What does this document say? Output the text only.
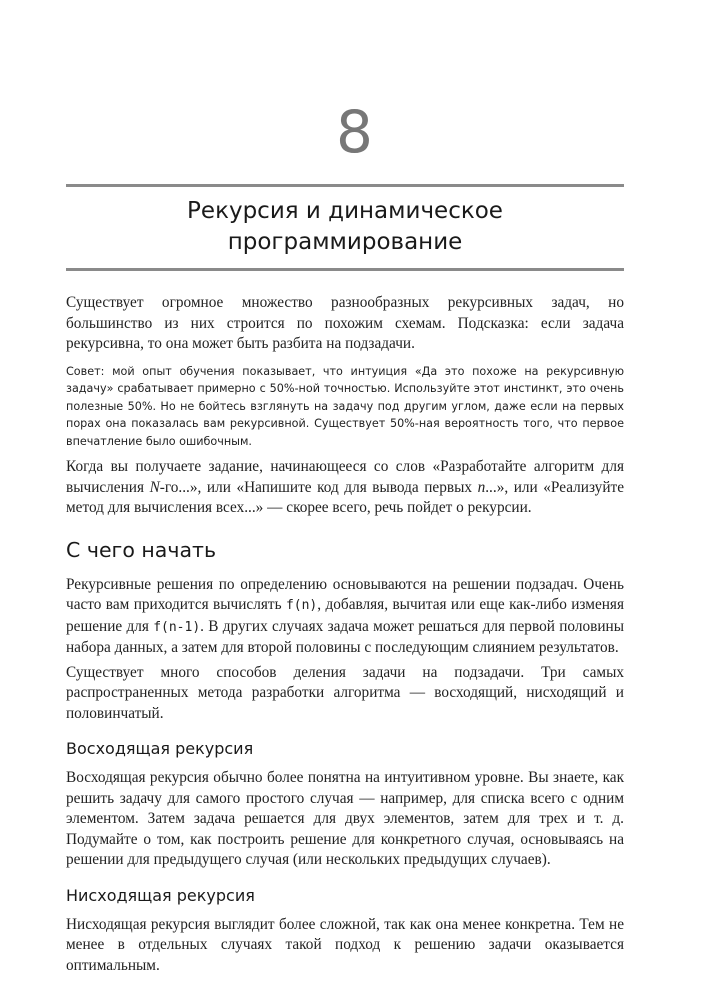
8
Рекурсия и динамическое
программирование

Существует огромное множество разнообразных рекурсивных задач, но большинство из них строится по похожим схемам. Подсказка: если задача рекурсивна, то она может быть разбита на подзадачи.

Совет: мой опыт обучения показывает, что интуиция «Да это похоже на рекурсивную задачу» срабатывает примерно с 50%-ной точностью. Используйте этот инстинкт, это очень полезные 50%. Но не бойтесь взглянуть на задачу под другим углом, даже если на первых порах она показалась вам рекурсивной. Существует 50%-ная вероятность того, что первое впечатление было ошибочным.

Когда вы получаете задание, начинающееся со слов «Разработайте алгоритм для вычисления N-го...», или «Напишите код для вывода первых n...», или «Реализуйте метод для вычисления всех...» — скорее всего, речь пойдет о рекурсии.

С чего начать

Рекурсивные решения по определению основываются на решении подзадач. Очень часто вам приходится вычислять f(n), добавляя, вычитая или еще как-либо изменяя решение для f(n-1). В других случаях задача может решаться для первой половины набора данных, а затем для второй половины с последующим слиянием результатов.

Существует много способов деления задачи на подзадачи. Три самых распространенных метода разработки алгоритма — восходящий, нисходящий и половинчатый.

Восходящая рекурсия

Восходящая рекурсия обычно более понятна на интуитивном уровне. Вы знаете, как решить задачу для самого простого случая — например, для списка всего с одним элементом. Затем задача решается для двух элементов, затем для трех и т. д. Подумайте о том, как построить решение для конкретного случая, основываясь на решении для предыдущего случая (или нескольких предыдущих случаев).

Нисходящая рекурсия

Нисходящая рекурсия выглядит более сложной, так как она менее конкретна. Тем не менее в отдельных случаях такой подход к решению задачи оказывается оптимальным.
